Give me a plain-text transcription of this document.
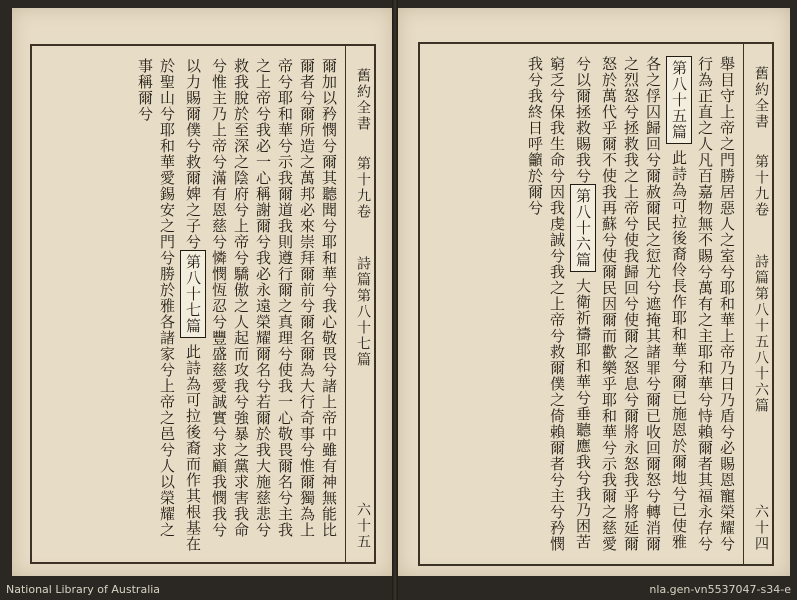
舊約全書
第十九卷
詩篇第八十七篇
六十五
爾加以矜憫兮爾其聽聞兮耶和華兮我心敬畏兮諸上帝中雖有神無能比爾者兮爾所造之萬邦必來崇拜爾前兮爾名爾為大行奇事兮惟爾獨為上帝兮耶和華兮示我爾道我則遵行爾之真理兮使我一心敬畏爾名兮主我之上帝兮我必一心稱謝爾兮我必永遠榮耀爾名兮若爾於我大施慈悲兮救我脫於至深之陰府兮上帝兮驕傲之人起而攻我兮強暴之黨求害我命兮惟主乃上帝兮滿有恩慈兮憐憫恆忍兮豐盛慈愛誠實兮求顧我憫我兮以力賜爾僕兮救爾婢之子兮第八十七篇此詩為可拉後裔而作其根基在於聖山兮耶和華愛錫安之門兮勝於雅各諸家兮上帝之邑兮人以榮耀之事稱爾兮	舊約全書
第十九卷
詩篇第八十五八十六篇
六十四
舉目守上帝之門勝居惡人之室兮耶和華上帝乃日乃盾兮必賜恩寵榮耀兮行為正直之人凡百嘉物無不賜兮萬有之主耶和華兮恃賴爾者其福永存兮第八十五篇此詩為可拉後裔伶長作耶和華兮爾已施恩於爾地兮已使雅各之俘囚歸回兮爾赦爾民之愆尤兮遮掩其諸罪兮爾已收回爾怒兮轉消爾之烈怒兮拯救我之上帝兮使我歸回兮使爾之怒息兮爾將永怒我乎將延爾怒於萬代乎爾不使我再蘇兮使爾民因爾而歡樂乎耶和華兮示我爾之慈愛兮以爾拯救賜我兮第八十六篇大衛祈禱耶和華兮垂聽應我兮我乃困苦窮乏兮保我生命兮因我虔誠兮我之上帝兮救爾僕之倚賴爾者兮主兮矜憫我兮我終日呼籲於爾兮
National Library of Australia	nla.gen-vn5537047-s34-e
